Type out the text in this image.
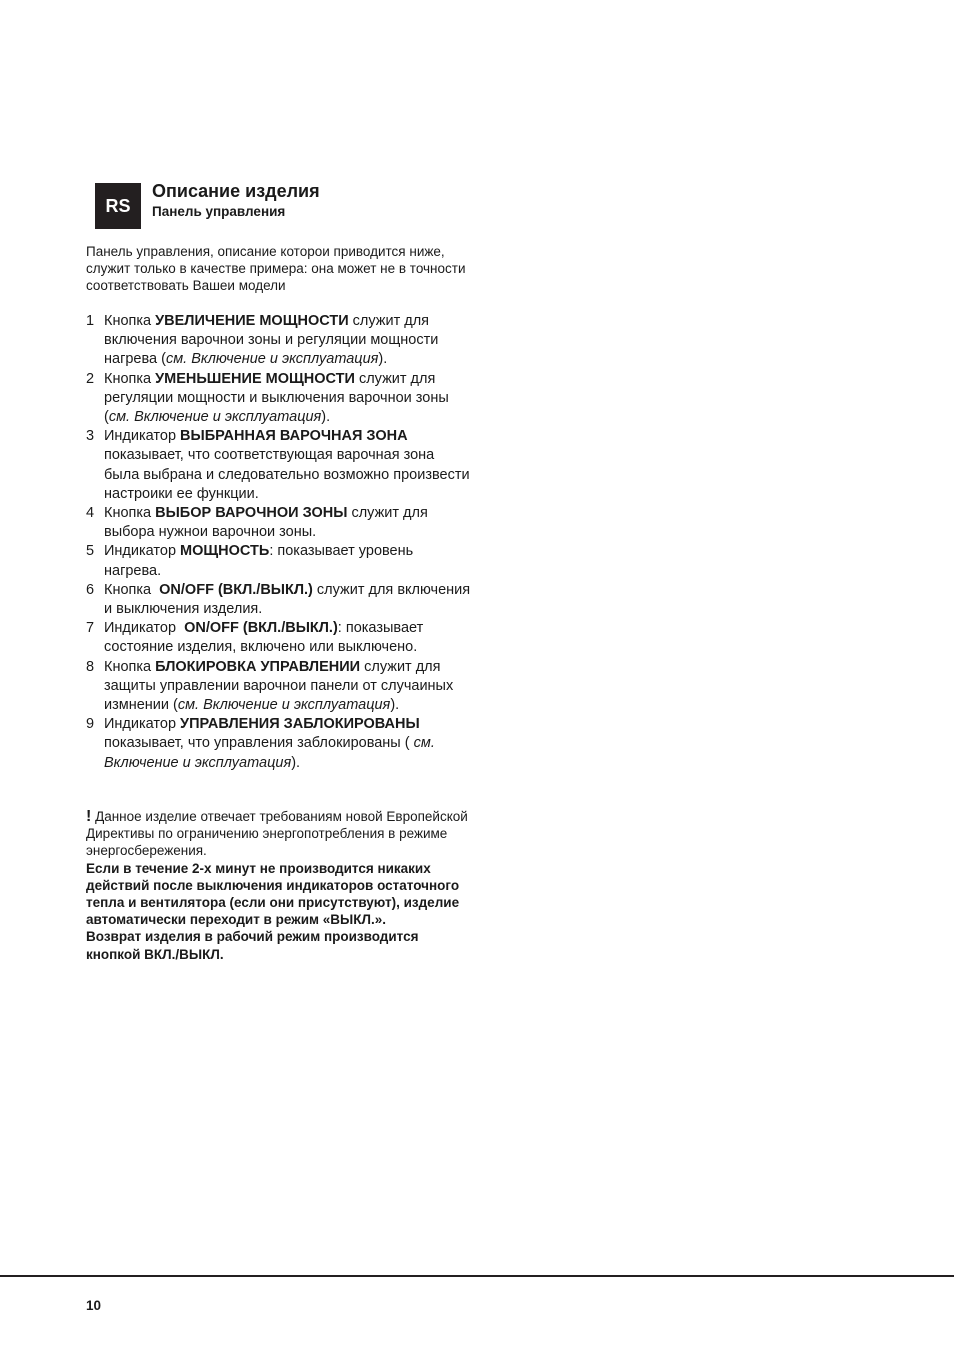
RS
Описание изделия
Панель управления

Панель управления, описание которои приводится ниже, служит только в качестве примера: она может не в точности соответствовать Вашеи модели

1 Кнопка УВЕЛИЧЕНИЕ МОЩНОСТИ служит для включения варочнои зоны и регуляции мощности нагрева (см. Включение и эксплуатация).
2 Кнопка УМЕНЬШЕНИЕ МОЩНОСТИ служит для регуляции мощности и выключения варочнои зоны (см. Включение и эксплуатация).
3 Индикатор ВЫБРАННАЯ ВАРОЧНАЯ ЗОНА показывает, что соответствующая варочная зона была выбрана и следовательно возможно произвести настроики ее функции.
4 Кнопка ВЫБОР ВАРОЧНОИ ЗОНЫ служит для выбора нужнои варочнои зоны.
5 Индикатор МОЩНОСТЬ: показывает уровень нагрева.
6 Кнопка  ON/OFF (ВКЛ./ВЫКЛ.) служит для включения и выключения изделия.
7 Индикатор  ON/OFF (ВКЛ./ВЫКЛ.): показывает состояние изделия, включено или выключено.
8 Кнопка БЛОКИРОВКА УПРАВЛЕНИИ служит для защиты управлении варочнои панели от случаиных измнении (см. Включение и эксплуатация).
9 Индикатор УПРАВЛЕНИЯ ЗАБЛОКИРОВАНЫ показывает, что управления заблокированы ( см. Включение и эксплуатация).

! Данное изделие отвечает требованиям новой Европейской Директивы по ограничению энергопотребления в режиме энергосбережения.

Если в течение 2-х минут не производится никаких действий после выключения индикаторов остаточного тепла и вентилятора (если они присутствуют), изделие автоматически переходит в режим «ВЫКЛ.».

Возврат изделия в рабочий режим производится кнопкой ВКЛ./ВЫКЛ.

10
